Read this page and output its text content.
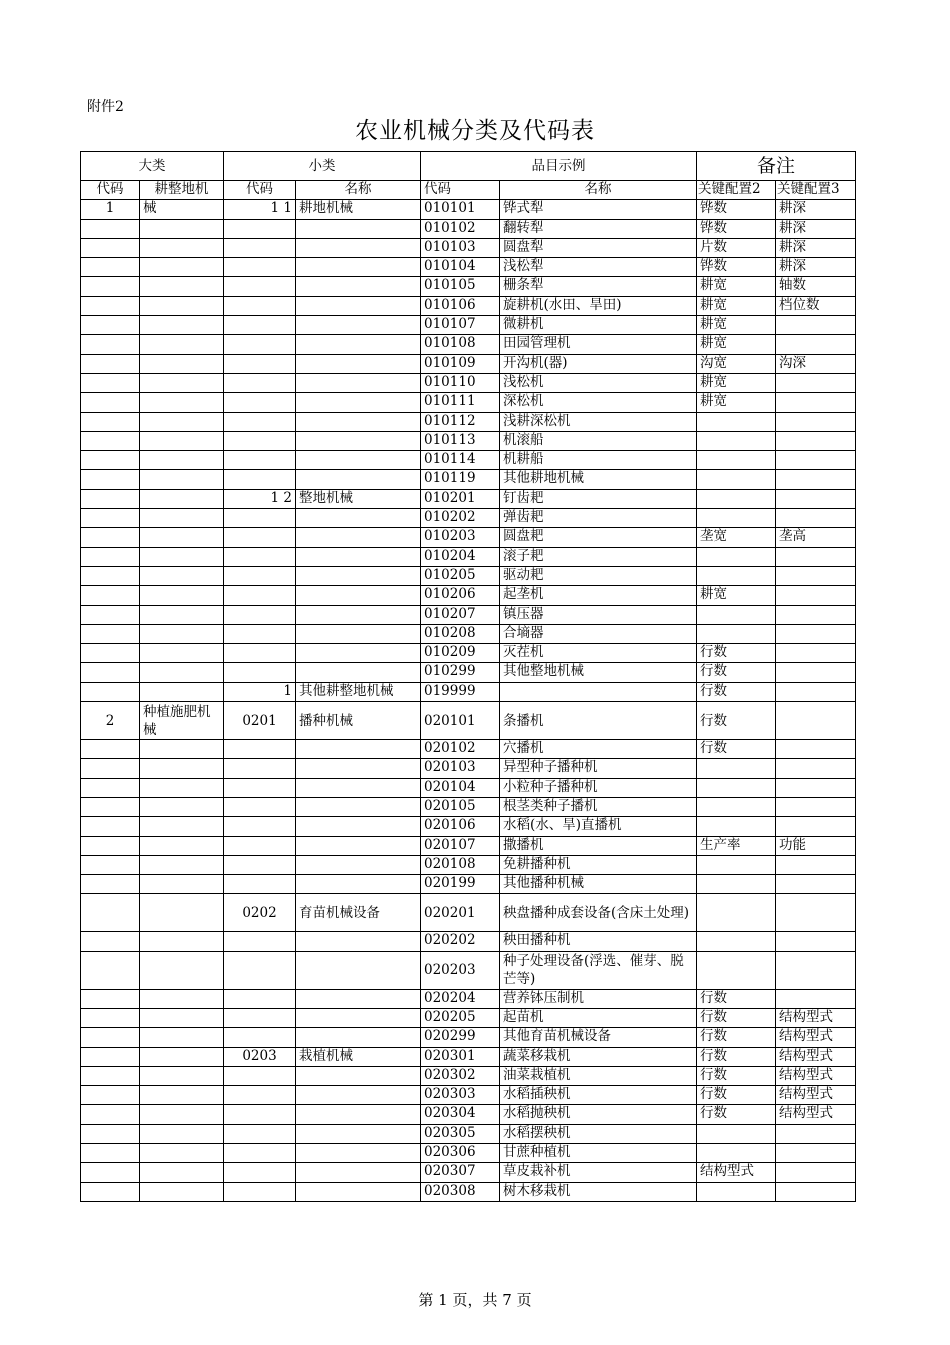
附件2
农业机械分类及代码表
大类		小类		品目示例		备注	
代码	耕整地机	代码	名称	代码	名称	关键配置2	关键配置3
1	械	1 1	耕地机械	010101	铧式犁	铧数	耕深
				010102	翻转犁	铧数	耕深
				010103	圆盘犁	片数	耕深
				010104	浅松犁	铧数	耕深
				010105	栅条犁	耕宽	轴数
				010106	旋耕机(水田、旱田)	耕宽	档位数
				010107	微耕机	耕宽	
				010108	田园管理机	耕宽	
				010109	开沟机(器)	沟宽	沟深
				010110	浅松机	耕宽	
				010111	深松机	耕宽	
				010112	浅耕深松机		
				010113	机滚船		
				010114	机耕船		
				010119	其他耕地机械		
		1 2	整地机械	010201	钉齿耙		
				010202	弹齿耙		
				010203	圆盘耙	垄宽	垄高
				010204	滚子耙		
				010205	驱动耙		
				010206	起垄机	耕宽	
				010207	镇压器		
				010208	合墒器		
				010209	灭茬机	行数	
				010299	其他整地机械	行数	
		1	其他耕整地机械	019999		行数	
2	种植施肥机械	0201	播种机械	020101	条播机	行数	
				020102	穴播机	行数	
				020103	异型种子播种机		
				020104	小粒种子播种机		
				020105	根茎类种子播机		
				020106	水稻(水、旱)直播机		
				020107	撒播机	生产率	功能
				020108	免耕播种机		
				020199	其他播种机械		
		0202	育苗机械设备	020201	秧盘播种成套设备(含床土处理)		
				020202	秧田播种机		
				020203	种子处理设备(浮选、催芽、脱芒等)		
				020204	营养钵压制机	行数	
				020205	起苗机	行数	结构型式
				020299	其他育苗机械设备	行数	结构型式
		0203	栽植机械	020301	蔬菜移栽机	行数	结构型式
				020302	油菜栽植机	行数	结构型式
				020303	水稻插秧机	行数	结构型式
				020304	水稻抛秧机	行数	结构型式
				020305	水稻摆秧机		
				020306	甘蔗种植机		
				020307	草皮栽补机	结构型式	
				020308	树木移栽机		
第 1 页，共 7 页
